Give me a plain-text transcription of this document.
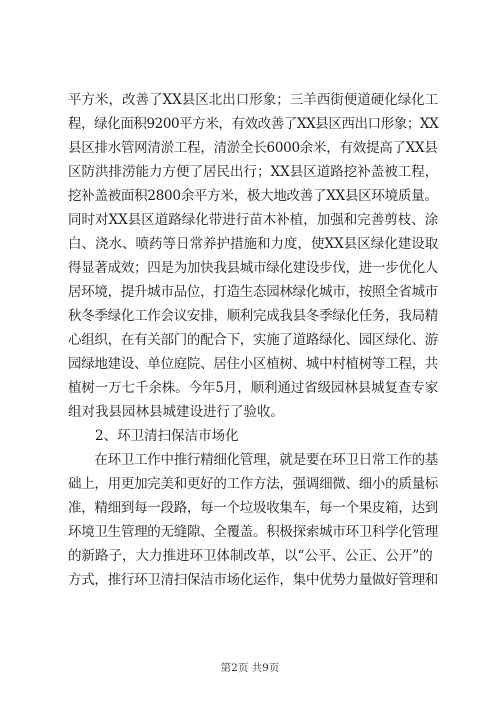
平方米，改善了XX县区北出口形象；三羊西街便道硬化绿化工
程，绿化面积9200平方米，有效改善了XX县区西出口形象；XX
县区排水管网清淤工程，清淤全长6000余米，有效提高了XX县
区防洪排涝能力方便了居民出行；XX县区道路挖补盖被工程，
挖补盖被面积2800余平方米，极大地改善了XX县区环境质量。
同时对XX县区道路绿化带进行苗木补植，加强和完善剪枝、涂
白、浇水、喷药等日常养护措施和力度，使XX县区绿化建设取
得显著成效；四是为加快我县城市绿化建设步伐，进一步优化人
居环境，提升城市品位，打造生态园林绿化城市，按照全省城市
秋冬季绿化工作会议安排，顺利完成我县冬季绿化任务，我局精
心组织，在有关部门的配合下，实施了道路绿化、园区绿化、游
园绿地建设、单位庭院、居住小区植树、城中村植树等工程，共
植树一万七千余株。今年5月，顺利通过省级园林县城复查专家
组对我县园林县城建设进行了验收。
　　2、环卫清扫保洁市场化
　　在环卫工作中推行精细化管理，就是要在环卫日常工作的基
础上，用更加完美和更好的工作方法，强调细微、细小的质量标
准，精细到每一段路，每一个垃圾收集车，每一个果皮箱，达到
环境卫生管理的无缝隙、全覆盖。积极探索城市环卫科学化管理
的新路子，大力推进环卫体制改革，以“公平、公正、公开”的
方式，推行环卫清扫保洁市场化运作，集中优势力量做好管理和
第2页 共9页
